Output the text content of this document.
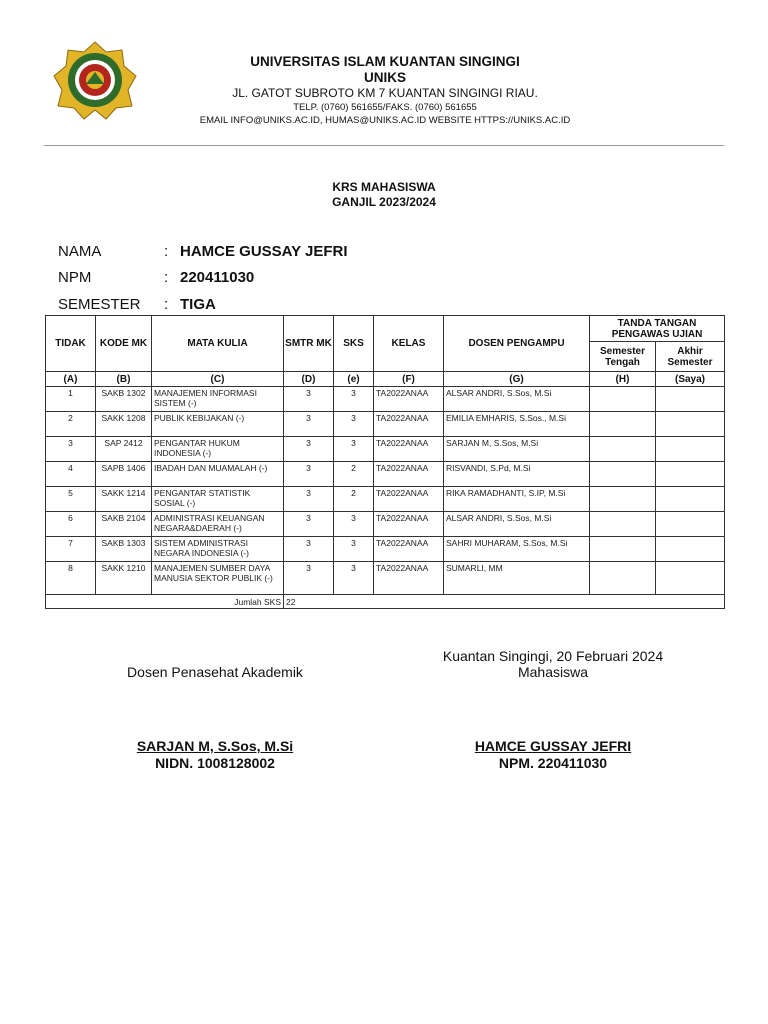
UNIVERSITAS ISLAM KUANTAN SINGINGI
UNIKS
JL. GATOT SUBROTO KM 7 KUANTAN SINGINGI RIAU.
TELP. (0760) 561655/FAKS. (0760) 561655
EMAIL INFO@UNIKS.AC.ID, HUMAS@UNIKS.AC.ID WEBSITE HTTPS://UNIKS.AC.ID
KRS MAHASISWA
GANJIL 2023/2024
NAMA	: HAMCE GUSSAY JEFRI
NPM	: 220411030
SEMESTER	: TIGA
TIDAK	KODE MK	MATA KULIA	SMTR MK	SKS	KELAS	DOSEN PENGAMPU	TANDA TANGAN PENGAWAS UJIAN	
							Semester Tengah	Akhir Semester
(A)	(B)	(C)	(D)	(e)	(F)	(G)	(H)	(Saya)
1	SAKB 1302	MANAJEMEN INFORMASI SISTEM (-)	3	3	TA2022ANAA	ALSAR ANDRI, S.Sos, M.Si		
2	SAKK 1208	PUBLIK KEBIJAKAN (-)	3	3	TA2022ANAA	EMILIA EMHARIS, S.Sos., M.Si		
3	SAP 2412	PENGANTAR HUKUM INDONESIA (-)	3	3	TA2022ANAA	SARJAN M, S.Sos, M.Si		
4	SAPB 1406	IBADAH DAN MUAMALAH (-)	3	2	TA2022ANAA	RISVANDI, S.Pd, M.Si		
5	SAKK 1214	PENGANTAR STATISTIK SOSIAL (-)	3	2	TA2022ANAA	RIKA RAMADHANTI, S.IP, M.Si		
6	SAKB 2104	ADMINISTRASI KEUANGAN NEGARA&DAERAH (-)	3	3	TA2022ANAA	ALSAR ANDRI, S.Sos, M.Si		
7	SAKB 1303	SISTEM ADMINISTRASI NEGARA INDONESIA (-)	3	3	TA2022ANAA	SAHRI MUHARAM, S.Sos, M.Si		
8	SAKK 1210	MANAJEMEN SUMBER DAYA MANUSIA SEKTOR PUBLIK (-)	3	3	TA2022ANAA	SUMARLI, MM		
Jumlah SKS			22					
Kuantan Singingi, 20 Februari 2024
Dosen Penasehat Akademik	Mahasiswa
SARJAN M, S.Sos, M.Si
NIDN. 1008128002
HAMCE GUSSAY JEFRI
NPM. 220411030
